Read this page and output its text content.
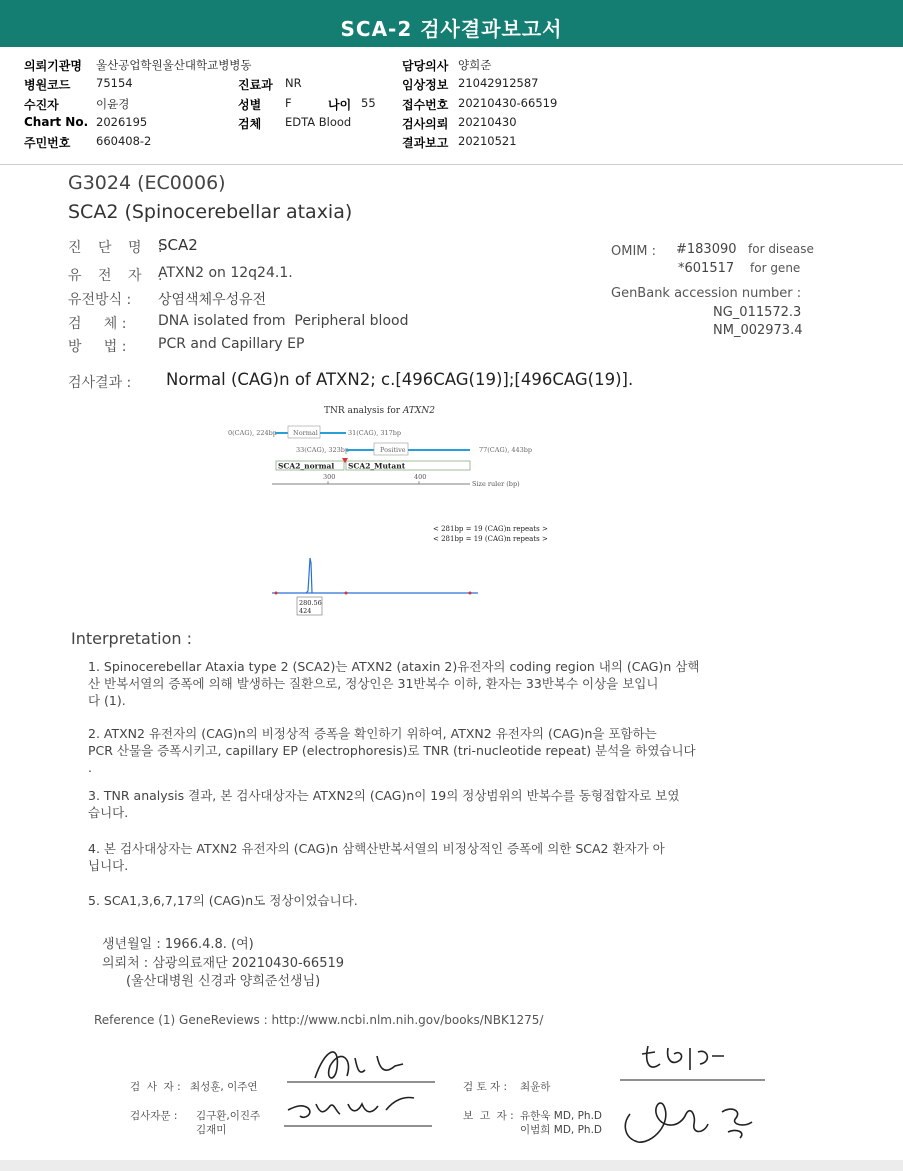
SCA-2 검사결과보고서
의뢰기관명 울산공업학원울산대학교병병동
병원코드 75154
수진자	이윤경
Chart No. 2026195
주민번호 660408-2
진료과 NR
성별 F	나이 55
검체 EDTA Blood
담당의사 양희준
임상정보 21042912587
접수번호 20210430-66519
검사의뢰 20210430
결과보고 20210521
G3024 (EC0006)
SCA2 (Spinocerebellar ataxia)
진 단 명 :
SCA2
유 전 자 :
ATXN2 on 12q24.1.
유전방식 : 상염색체우성유전
검     체 : DNA isolated from  Peripheral blood
방     법 : PCR and Capillary EP
OMIM : #183090 for disease
*601517 for gene
GenBank accession number :
NG_011572.3
NM_002973.4
검사결과 : Normal (CAG)n of ATXN2; c.[496CAG(19)];[496CAG(19)].
TNR analysis for ATXN2
0(CAG), 224bp Normal	31(CAG), 317bp
33(CAG), 323bp	Positive	77(CAG), 443bp
SCA2_normal SCA2_Mutant
300	400
Size ruler (bp)
< 281bp = 19 (CAG)n repeats >
< 281bp = 19 (CAG)n repeats >
280.56
424
Interpretation :
1. Spinocerebellar Ataxia type 2 (SCA2)는 ATXN2 (ataxin 2)유전자의 coding region 내의 (CAG)n 삼핵
산 반복서열의 증폭에 의해 발생하는 질환으로, 정상인은 31반복수 이하, 환자는 33반복수 이상을 보입니
다 (1).
2. ATXN2 유전자의 (CAG)n의 비정상적 증폭을 확인하기 위하여, ATXN2 유전자의 (CAG)n을 포함하는
PCR 산물을 증폭시키고, capillary EP (electrophoresis)로 TNR (tri-nucleotide repeat) 분석을 하였습니다
.
3. TNR analysis 결과, 본 검사대상자는 ATXN2의 (CAG)n이 19의 정상범위의 반복수를 동형접합자로 보였
습니다.
4. 본 검사대상자는 ATXN2 유전자의 (CAG)n 삼핵산반복서열의 비정상적인 증폭에 의한 SCA2 환자가 아
닙니다.
5. SCA1,3,6,7,17의 (CAG)n도 정상이었습니다.
생년월일 : 1966.4.8. (여)
의뢰처 : 삼광의료재단 20210430-66519
(울산대병원 신경과 양희준선생님)
Reference (1) GeneReviews : http://www.ncbi.nlm.nih.gov/books/NBK1275/
검  사  자 : 최성훈, 이주연	검 토 자 : 최윤하
검사자문 : 김구환,이진주
김재미
보  고  자 : 유한욱 MD, Ph.D
이범희 MD, Ph.D
